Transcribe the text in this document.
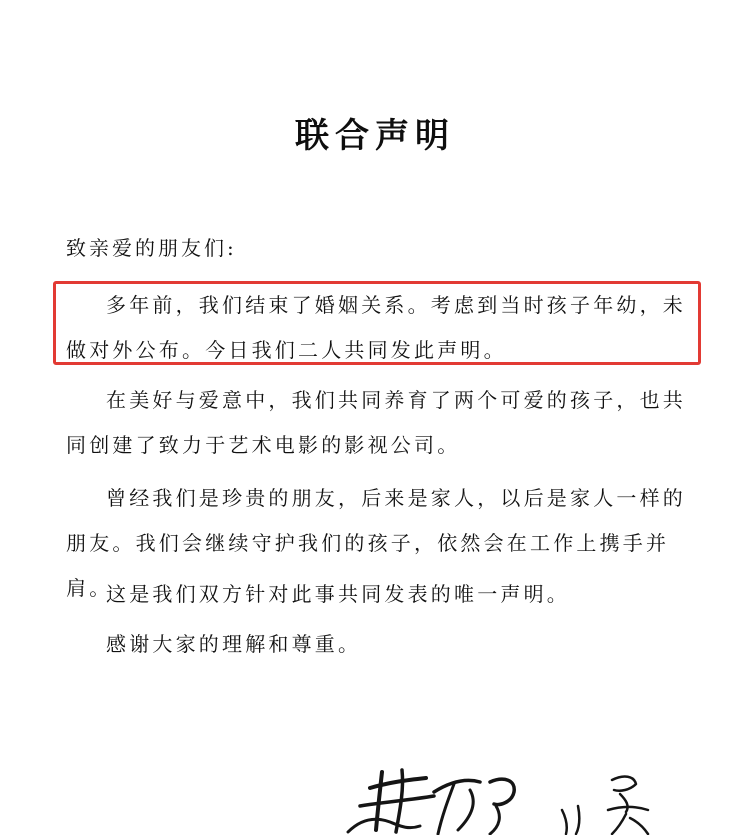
联合声明
致亲爱的朋友们:

多年前，我们结束了婚姻关系。考虑到当时孩子年幼，未做对外公布。今日我们二人共同发此声明。

在美好与爱意中，我们共同养育了两个可爱的孩子，也共同创建了致力于艺术电影的影视公司。

曾经我们是珍贵的朋友，后来是家人，以后是家人一样的朋友。我们会继续守护我们的孩子，依然会在工作上携手并肩。

这是我们双方针对此事共同发表的唯一声明。

感谢大家的理解和尊重。
